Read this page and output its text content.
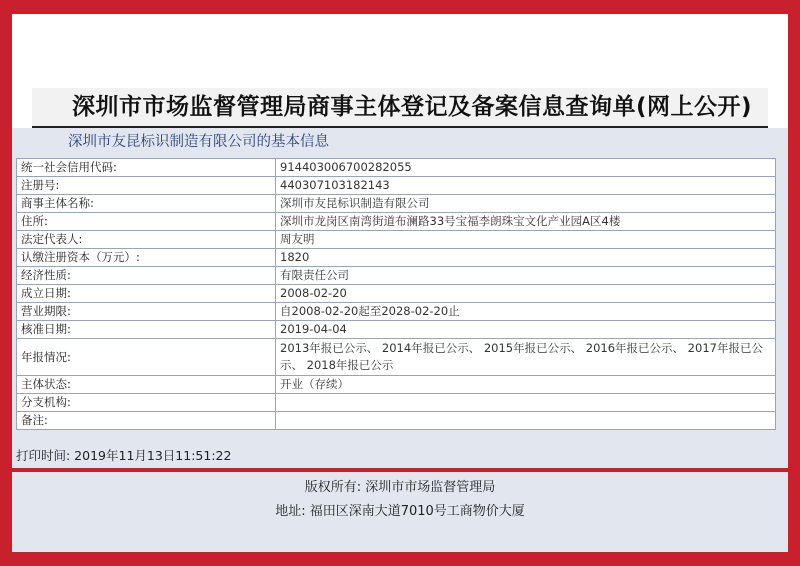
深圳市市场监督管理局商事主体登记及备案信息查询单(网上公开)
深圳市友昆标识制造有限公司的基本信息
统一社会信用代码:	914403006700282055
注册号:	440307103182143
商事主体名称:	深圳市友昆标识制造有限公司
住所:	深圳市龙岗区南湾街道布澜路33号宝福李朗珠宝文化产业园A区4楼
法定代表人:	周友明
认缴注册资本（万元）:	1820
经济性质:	有限责任公司
成立日期:	2008-02-20
营业期限:	自2008-02-20起至2028-02-20止
核准日期:	2019-04-04
年报情况:	2013年报已公示、 2014年报已公示、 2015年报已公示、 2016年报已公示、 2017年报已公示、 2018年报已公示
主体状态:	开业（存续）
分支机构:	
备注:	
打印时间: 2019年11月13日11:51:22
版权所有: 深圳市市场监督管理局
地址: 福田区深南大道7010号工商物价大厦
